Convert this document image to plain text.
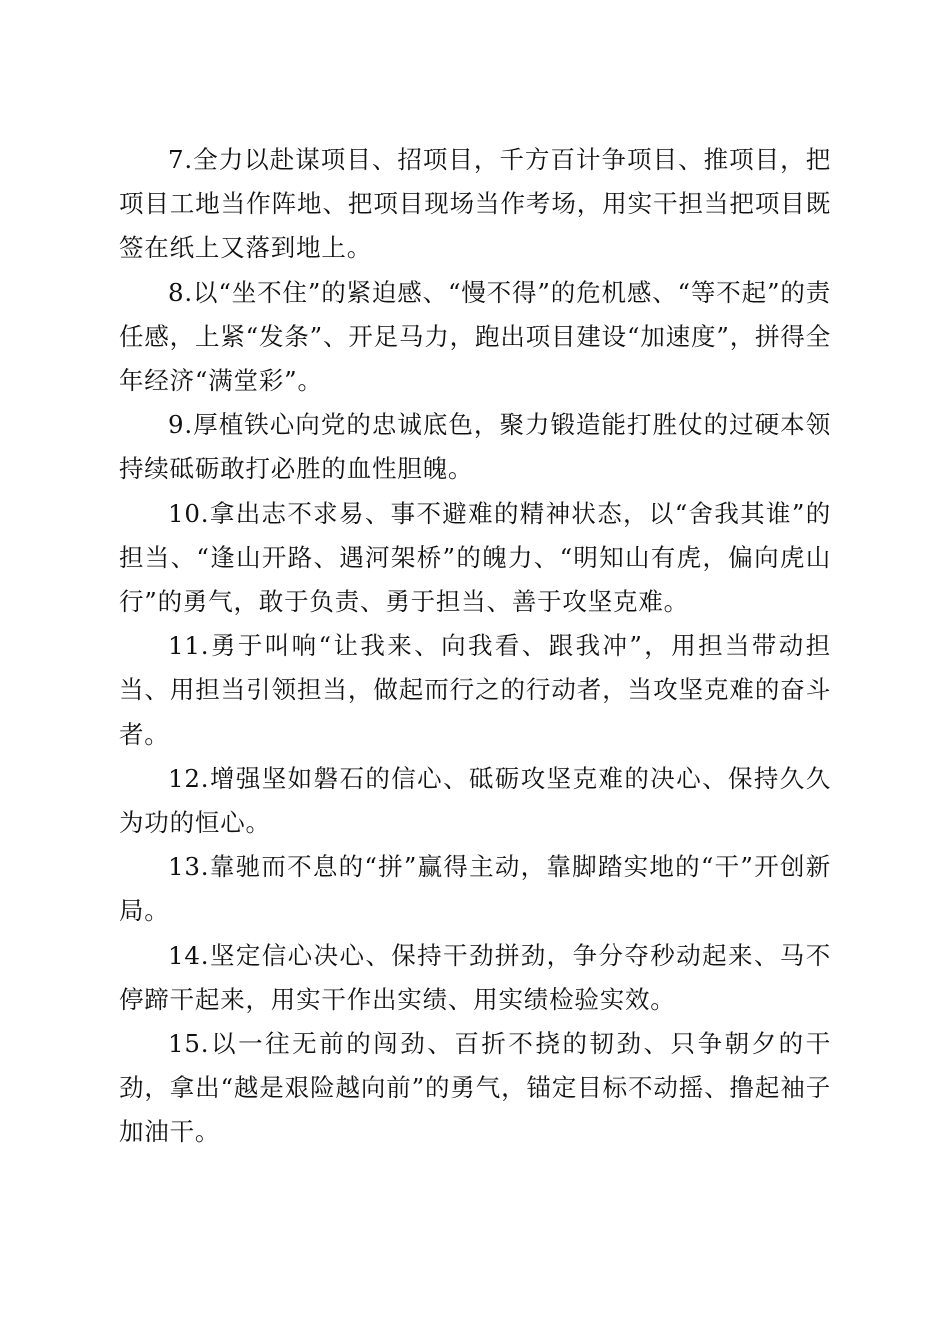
7.全力以赴谋项目、招项目，千方百计争项目、推项目，把项目工地当作阵地、把项目现场当作考场，用实干担当把项目既签在纸上又落到地上。

8.以“坐不住”的紧迫感、“慢不得”的危机感、“等不起”的责任感，上紧“发条”、开足马力，跑出项目建设“加速度”，拼得全年经济“满堂彩”。

9.厚植铁心向党的忠诚底色，聚力锻造能打胜仗的过硬本领持续砥砺敢打必胜的血性胆魄。

10.拿出志不求易、事不避难的精神状态，以“舍我其谁”的担当、“逢山开路、遇河架桥”的魄力、“明知山有虎，偏向虎山行”的勇气，敢于负责、勇于担当、善于攻坚克难。

11.勇于叫响“让我来、向我看、跟我冲”，用担当带动担当、用担当引领担当，做起而行之的行动者，当攻坚克难的奋斗者。

12.增强坚如磐石的信心、砥砺攻坚克难的决心、保持久久为功的恒心。

13.靠驰而不息的“拼”赢得主动，靠脚踏实地的“干”开创新局。

14.坚定信心决心、保持干劲拼劲，争分夺秒动起来、马不停蹄干起来，用实干作出实绩、用实绩检验实效。

15.以一往无前的闯劲、百折不挠的韧劲、只争朝夕的干劲，拿出“越是艰险越向前”的勇气，锚定目标不动摇、撸起袖子加油干。
